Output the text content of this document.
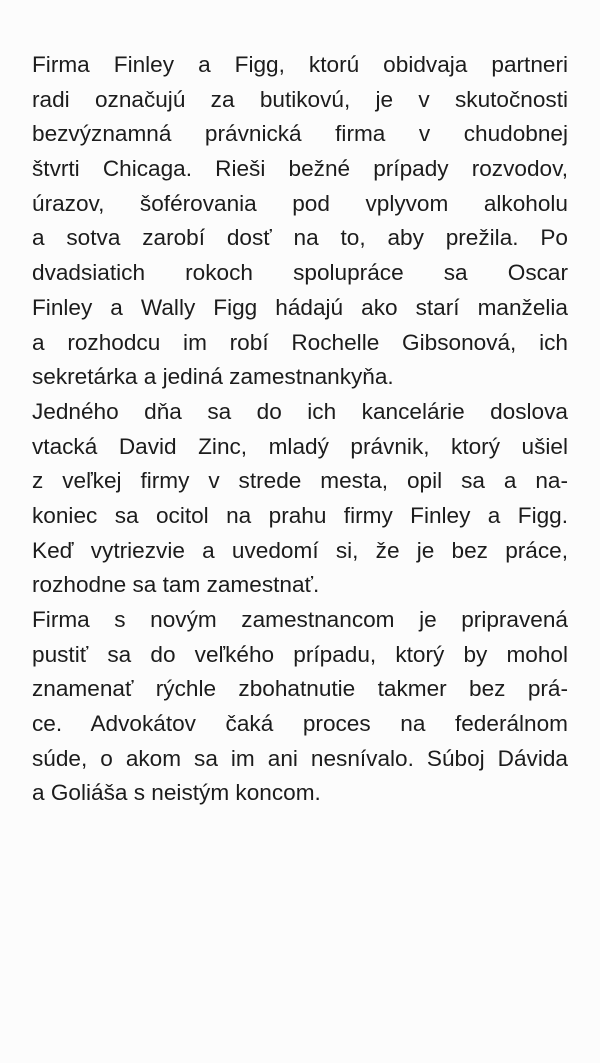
Firma Finley a Figg, ktorú obidvaja partneri
radi označujú za butikovú, je v skutočnosti
bezvýznamná právnická firma v chudobnej
štvrti Chicaga. Rieši bežné prípady rozvodov,
úrazov, šoférovania pod vplyvom alkoholu
a sotva zarobí dosť na to, aby prežila. Po
dvadsiatich rokoch spolupráce sa Oscar
Finley a Wally Figg hádajú ako starí manželia
a rozhodcu im robí Rochelle Gibsonová, ich
sekretárka a jediná zamestnankyňa.
Jedného dňa sa do ich kancelárie doslova
vtacká David Zinc, mladý právnik, ktorý ušiel
z veľkej firmy v strede mesta, opil sa a na-
koniec sa ocitol na prahu firmy Finley a Figg.
Keď vytriezvie a uvedomí si, že je bez práce,
rozhodne sa tam zamestnať.
Firma s novým zamestnancom je pripravená
pustiť sa do veľkého prípadu, ktorý by mohol
znamenať rýchle zbohatnutie takmer bez prá-
ce. Advokátov čaká proces na federálnom
súde, o akom sa im ani nesnívalo. Súboj Dávida
a Goliáša s neistým koncom.
